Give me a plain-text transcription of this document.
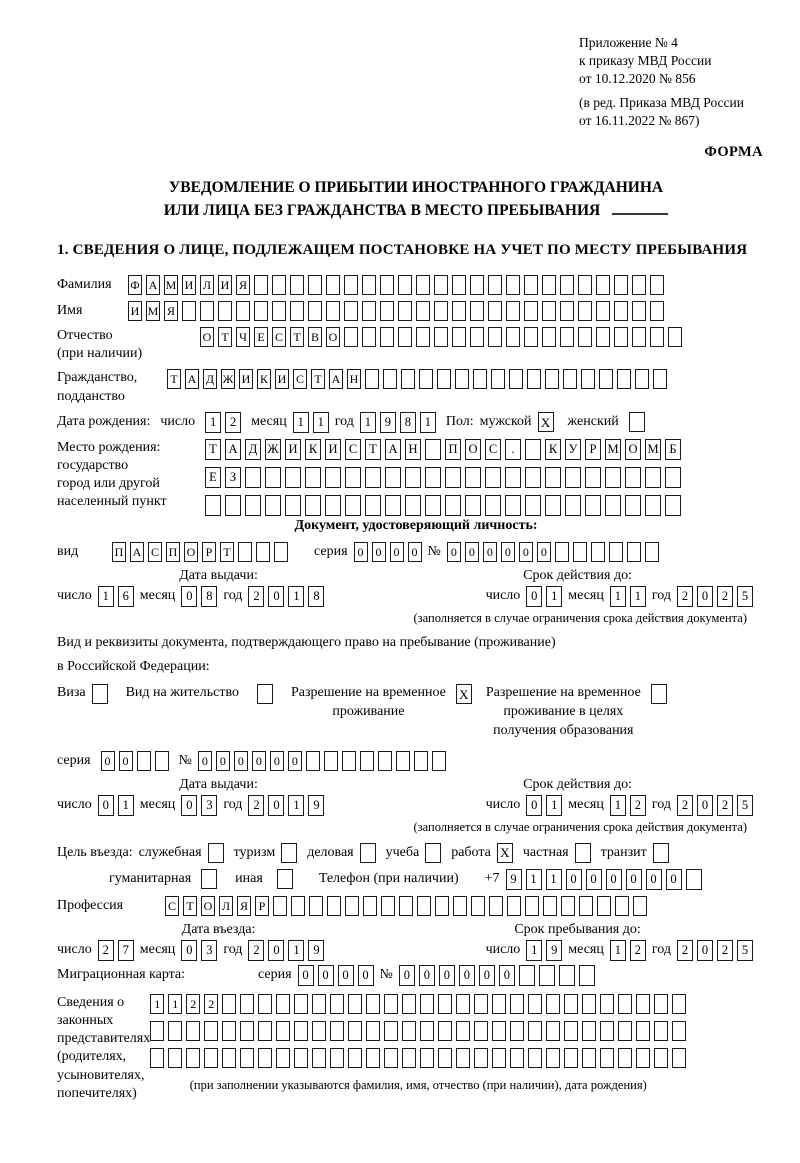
Приложение № 4
к приказу МВД России
от 10.12.2020 № 856
(в ред. Приказа МВД России
от 16.11.2022 № 867)
ФОРМА
УВЕДОМЛЕНИЕ О ПРИБЫТИИ ИНОСТРАННОГО ГРАЖДАНИНА
ИЛИ ЛИЦА БЕЗ ГРАЖДАНСТВА В МЕСТО ПРЕБЫВАНИЯ
1. СВЕДЕНИЯ О ЛИЦЕ, ПОДЛЕЖАЩЕМ ПОСТАНОВКЕ НА УЧЕТ ПО МЕСТУ ПРЕБЫВАНИЯ
Фамилия	Ф А М И Л И Я
Имя	И М Я
Отчество
(при наличии)
О Т Ч Е С Т В О
Гражданство,
подданство
Т А Д Ж И К И С Т А Н
Дата рождения: число	1	2	месяц 1	1 год 1	9	8	1	Пол: мужской X женский
Место рождения:
государство
город или другой
населенный пункт
Т А Д Ж И К И С Т А Н П О С	.	К У Р М О М Б
Е	З
Документ, удостоверяющий личность:
вид	П А С П О Р Т	серия 0	0	0	0 № 0	0	0	0	0	0
Дата выдачи:	Срок действия до:
число 1	6 месяц 0	8 год 2	0	1	8	число 0	1 месяц 1	1 год 2	0	2	5
(заполняется в случае ограничения срока действия документа)
Вид и реквизиты документа, подтверждающего право на пребывание (проживание)
в Российской Федерации:
Виза	Вид на жительство	Разрешение на временное
проживание
X Разрешение на временное
проживание в целях
получения образования
серия	0	0	№ 0	0	0	0	0	0
Дата выдачи:	Срок действия до:
число 0	1 месяц 0	3 год 2	0	1	9	число 0	1 месяц 1	2 год 2	0	2	5
(заполняется в случае ограничения срока действия документа)
Цель въезда: служебная туризм деловая учеба работа X частная транзит
гуманитарная	иная	Телефон (при наличии) +7 9	1	1	0	0	0	0	0	0
Профессия	С Т О Л Я Р
Дата въезда:	Срок пребывания до:
число 2	7 месяц 0	3 год 2	0	1	9	число 1	9 месяц 1	2 год 2	0	2	5
Миграционная карта:	серия 0	0	0	0 № 0	0	0	0	0	0
Сведения о
законных
представителях
(родителях,
усыновителях,
попечителях)
1	1	2	2
(при заполнении указываются фамилия, имя, отчество (при наличии), дата рождения)
